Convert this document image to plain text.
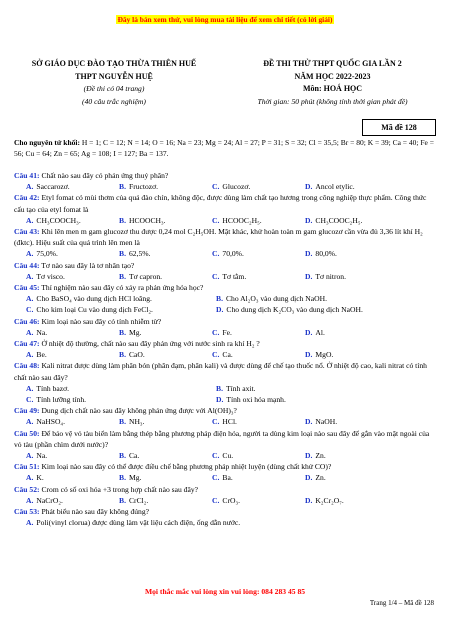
Đây là bản xem thử, vui lòng mua tài liệu để xem chi tiết (có lời giải)
SỞ GIÁO DỤC ĐÀO TẠO THỪA THIÊN HUẾ
THPT NGUYỄN HUỆ
(Đề thi có 04 trang)
(40 câu trắc nghiệm)
ĐỀ THI THỬ THPT QUỐC GIA LẦN 2
NĂM HỌC 2022-2023
Môn: HOÁ HỌC
Thời gian: 50 phút (không tính thời gian phát đề)
Mã đề 128
Cho nguyên tử khối: H = 1; C = 12; N = 14; O = 16; Na = 23; Mg = 24; Al = 27; P = 31; S = 32; Cl = 35,5; Br = 80; K = 39; Ca = 40; Fe = 56; Cu = 64; Zn = 65; Ag = 108; I = 127; Ba = 137.
Câu 41: Chất nào sau đây có phản ứng thuỷ phân?
A. Saccarozơ.	B. Fructozơ.	C. Glucozơ.	D. Ancol etylic.
Câu 42: Etyl fomat có mùi thơm của quả đào chín, không độc, được dùng làm chất tạo hương trong công nghiệp thực phẩm. Công thức cấu tạo của etyl fomat là
A. CH₃COOCH₃.	B. HCOOCH₃.	C. HCOOC₂H₅.	D. CH₃COOC₂H₅.
Câu 43: Khi lên men m gam glucozơ thu được 0,24 mol C₂H₅OH. Mặt khác, khử hoàn toàn m gam glucozơ cần vừa đủ 3,36 lít khí H₂ (đktc). Hiệu suất của quá trình lên men là
A. 75,0%.	B. 62,5%.	C. 70,0%.	D. 80,0%.
Câu 44: Tơ nào sau đây là tơ nhân tạo?
A. Tơ visco.	B. Tơ capron.	C. Tơ tằm.	D. Tơ nitron.
Câu 45: Thí nghiệm nào sau đây có xảy ra phản ứng hóa học?
A. Cho BaSO₄ vào dung dịch HCl loãng.	B. Cho Al₂O₃ vào dung dịch NaOH.
C. Cho kim loại Cu vào dung dịch FeCl₂.	D. Cho dung dịch K₂CO₃ vào dung dịch NaOH.
Câu 46: Kim loại nào sau đây có tính nhiễm từ?
A. Na.	B. Mg.	C. Fe.	D. Al.
Câu 47: Ở nhiệt độ thường, chất nào sau đây phản ứng với nước sinh ra khí H₂ ?
A. Be.	B. CaO.	C. Ca.	D. MgO.
Câu 48: Kali nitrat được dùng làm phân bón (phân đạm, phân kali) và được dùng để chế tạo thuốc nổ. Ở nhiệt độ cao, kali nitrat có tính chất nào sau đây?
A. Tính bazơ.	B. Tính axit.
C. Tính lưỡng tính.	D. Tính oxi hóa mạnh.
Câu 49: Dung dịch chất nào sau đây không phản ứng được với Al(OH)₃?
A. NaHSO₄.	B. NH₃.	C. HCl.	D. NaOH.
Câu 50: Để bảo vệ vỏ tàu biển làm bằng thép bằng phương pháp điện hóa, người ta dùng kim loại nào sau đây để gắn vào mặt ngoài của vỏ tàu (phần chìm dưới nước)?
A. Na.	B. Ca.	C. Cu.	D. Zn.
Câu 51: Kim loại nào sau đây có thể được điều chế bằng phương pháp nhiệt luyện (dùng chất khử CO)?
A. K.	B. Mg.	C. Ba.	D. Zn.
Câu 52: Crom có số oxi hóa +3 trong hợp chất nào sau đây?
A. NaCrO₂.	B. CrCl₂.	C. CrO₃.	D. K₂Cr₂O₇.
Câu 53: Phát biểu nào sau đây không đúng?
A. Poli(vinyl clorua) được dùng làm vật liệu cách điện, ống dẫn nước.
Mọi thắc mắc vui lòng xin vui lòng: 084 283 45 85
Trang 1/4 – Mã đề 128
